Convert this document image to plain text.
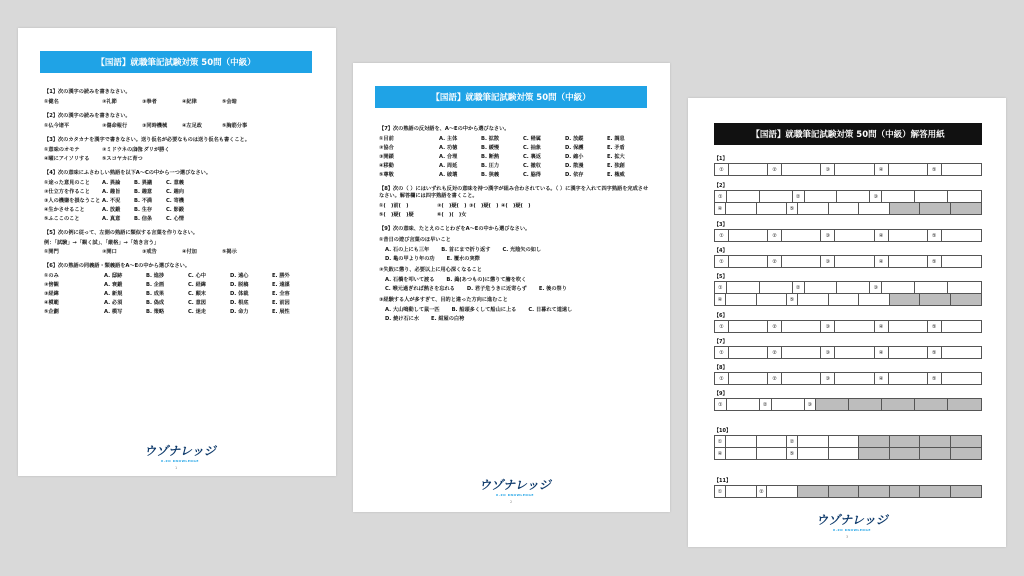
【国語】就職筆記試験対策 50問（中級）
【1】次の漢字の読みを書きなさい。
①健名	②礼節	③拳者	④紀律	⑤会暗
【2】次の漢字の読みを書きなさい。
①仏今诸平	②傷命報行	③同時機械	④左足政	⑤胸筋分事
【3】次のカタカナを漢字で書きなさい。送り仮名が必要なものは送り仮名も書くこと。
①意味のオモテ	②ミドウネの広告
③ヒダリが勝く
④曜にアイソリする	⑤スコヤカに育つ
【4】次の意味にふさわしい熟語を以下A〜Cの中から一つ選びなさい。
①途った意見のこと	A. 異論	B. 異議	C. 意義
②仕立方を作ること	A. 趣旨	B. 趣意	C. 趣向
③人の機嫌を損なうこと A. 不況	B. 不満	C. 寄機
④生かさせること	A. 放鍛	B. 生存	C. 影鍛
⑤ふここのこと	A. 真意	B. 信条	C. 心情
【5】次の例に従って、左側の熟語に類似する言葉を作りなさい。
例：「試験」→「観く試」、「厳格」→「効き言う」
①開門	②開口	③戒告	④付加	⑤掲示
【6】次の熟語の同義語・類義語をA〜Eの中から選びなさい。
①のみ	A. 邸跡	B. 進捗	C. 心中	D. 遠心	E. 勝外
②傍観	A. 衰鍛	B. 企画	C. 経緯	D. 脱稿	E. 遠謀
③経緯	A. 新規	B. 成果	C. 顛末	D. 体裁	E. 全容
④模範	A. 必須	B. 偽成	C. 意図	D. 根底	E. 前因
⑤企劃	A. 模写	B. 策略	C. 迷走	D. 命力	E. 展性
ウゾナレッジ
U-ZO KNOWLEDGE
1
【国語】就職筆記試験対策 50問（中級）
【7】次の熟語の反対語を、A〜Eの中から選びなさい。
①目前	A. 主体	B. 拡散	C. 帰属	D. 放縦	E. 調息
②協合	A. 功徳	B. 緩慢	C. 抽象	D. 保護	E. 矛盾
③開鎖	A. 合理	B. 断熱	C. 裏返	D. 縮小	E. 拡大
④移動	A. 周延	B. 圧力	C. 撤収	D. 散漫	E. 独創
⑤尊敬	A. 破壊	B. 狭義	C. 脇得	D. 依存	E. 権威
【8】次の（ ）にはいずれも反対の意味を持つ漢字が組み合わされている。（ ）に漢字を入れて四字熟語を完成させなさい。解答欄には四字熟語を書くこと。
①(　)前(　)	②(　)疑(　) ③(　)疑(　) ④(　)疑(　)
⑤(　)疑(　)疑	⑥(　)(　)女
【9】次の意味、たとえのことわざをA〜Eの中から選びなさい。
①昔日の遊び言葉のほ早いこと
A. 石の上にも三年 B. 首にまで折り返す C. 光陰矢の如し
D. 亀の甲より年の功 E. 覆水の実際
②失敗に懲り、必要以上に用心深くなること
A. 石橋を叩いて渡る B. 羮(あつもの)に懲りて膾を吹く
C. 喉元過ぎれば熱さを忘れる D. 君子危うきに近寄らず E. 後の祭り
③経験する人が多すぎて、目的と違った方向に進むこと
A. 大山鳴動して鼠一匹 B. 船頭多くして船山に上る C. 日暮れて道遠し
D. 焼け石に水 E. 紺屋の白袴
ウゾナレッジ
U-ZO KNOWLEDGE
2
【国語】就職筆記試験対策 50問（中級）解答用紙
【1】
①	②	③	④	⑤
【2】
①	②	③
④	⑤
【3】
①	②	③	④	⑤
【4】
①	②	③	④	⑤
【5】
①	②	③
④	⑤
【6】
①	②	③	④	⑤
【7】
①	②	③	④	⑤
【8】
①	②	③	④	⑤
【9】
①	②	③
【10】
①	②
④	⑤
【11】
①	②
ウゾナレッジ
U-ZO KNOWLEDGE
3
